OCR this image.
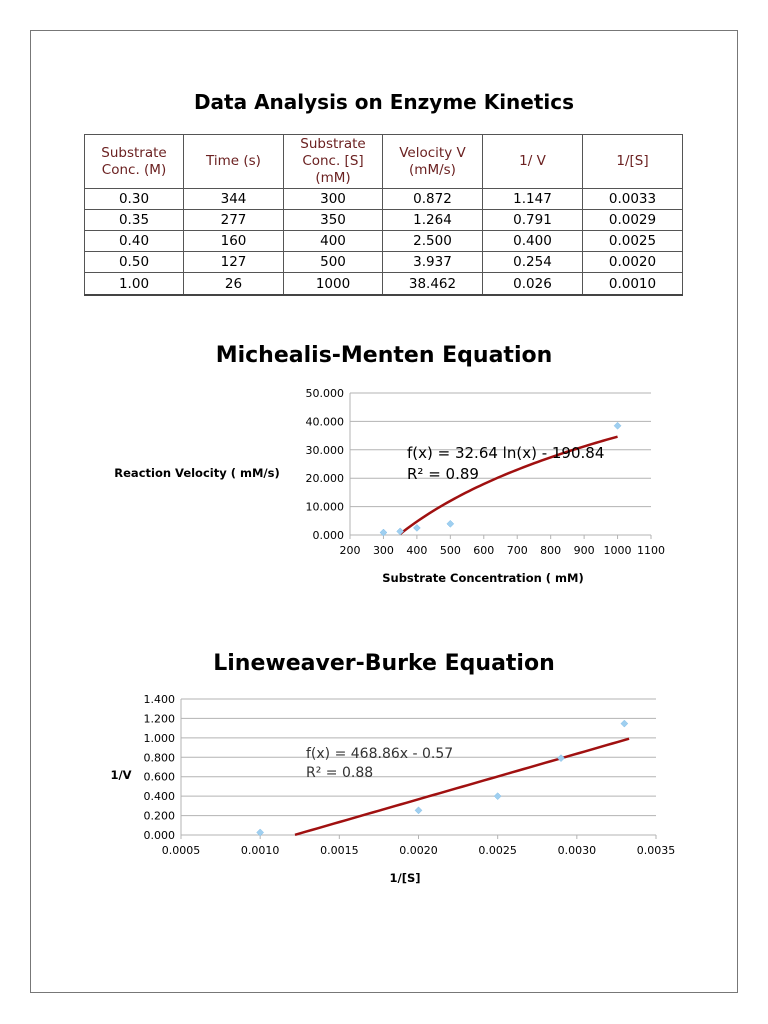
Data Analysis on Enzyme Kinetics
Substrate Conc. (M)	Time (s)	Substrate Conc. [S] (mM)	Velocity V (mM/s)	1/ V	1/[S]
0.30	344	300	0.872	1.147	0.0033
0.35	277	350	1.264	0.791	0.0029
0.40	160	400	2.500	0.400	0.0025
0.50	127	500	3.937	0.254	0.0020
1.00	26	1000	38.462	0.026	0.0010
Michealis-Menten Equation
Lineweaver-Burke Equation
0.000
10.000
20.000
30.000
40.000
50.000
200 300 400 500 600 700 800 900 1000 1100
f(x) = 32.64 ln(x) - 190.84
R² = 0.89
Reaction Velocity ( mM/s)
Substrate Concentration ( mM)
0.000
0.200
0.400
0.600
0.800
1.000
1.200
1.400
0.0005	0.0010	0.0015	0.0020	0.0025	0.0030	0.0035
f(x) = 468.86x - 0.57
R² = 0.88
1/V
1/[S]
